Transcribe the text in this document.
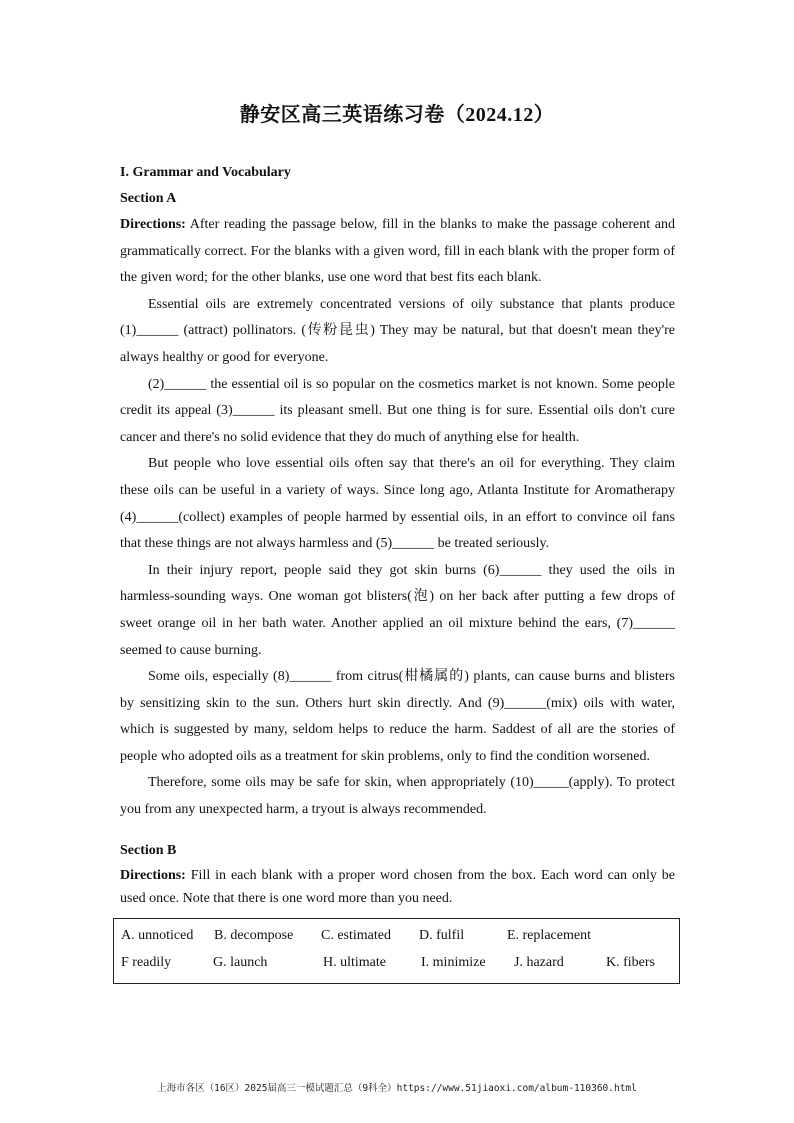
静安区高三英语练习卷（2024.12）
I. Grammar and Vocabulary
Section A

Directions: After reading the passage below, fill in the blanks to make the passage coherent and grammatically correct. For the blanks with a given word, fill in each blank with the proper form of the given word; for the other blanks, use one word that best fits each blank.

Essential oils are extremely concentrated versions of oily substance that plants produce (1)______ (attract) pollinators. (传粉昆虫) They may be natural, but that doesn't mean they're always healthy or good for everyone.

(2)______ the essential oil is so popular on the cosmetics market is not known. Some people credit its appeal (3)______ its pleasant smell. But one thing is for sure. Essential oils don't cure cancer and there's no solid evidence that they do much of anything else for health.

But people who love essential oils often say that there's an oil for everything. They claim these oils can be useful in a variety of ways. Since long ago, Atlanta Institute for Aromatherapy (4)______(collect) examples of people harmed by essential oils, in an effort to convince oil fans that these things are not always harmless and (5)______ be treated seriously.

In their injury report, people said they got skin burns (6)______ they used the oils in harmless-sounding ways. One woman got blisters(泡) on her back after putting a few drops of sweet orange oil in her bath water. Another applied an oil mixture behind the ears, (7)______ seemed to cause burning.

Some oils, especially (8)______ from citrus(柑橘属的) plants, can cause burns and blisters by sensitizing skin to the sun. Others hurt skin directly. And (9)______(mix) oils with water, which is suggested by many, seldom helps to reduce the harm. Saddest of all are the stories of people who adopted oils as a treatment for skin problems, only to find the condition worsened.

Therefore, some oils may be safe for skin, when appropriately (10)_____(apply). To protect you from any unexpected harm, a tryout is always recommended.

Section B

Directions: Fill in each blank with a proper word chosen from the box. Each word can only be used once. Note that there is one word more than you need.

A. unnoticed B. decompose C. estimated D. fulfil	E. replacement
F readily	G. launch	H. ultimate	I. minimize J. hazard	K. fibers
上海市各区（16区）2025届高三一模试题汇总（9科全）https://www.51jiaoxi.com/album-110360.html
